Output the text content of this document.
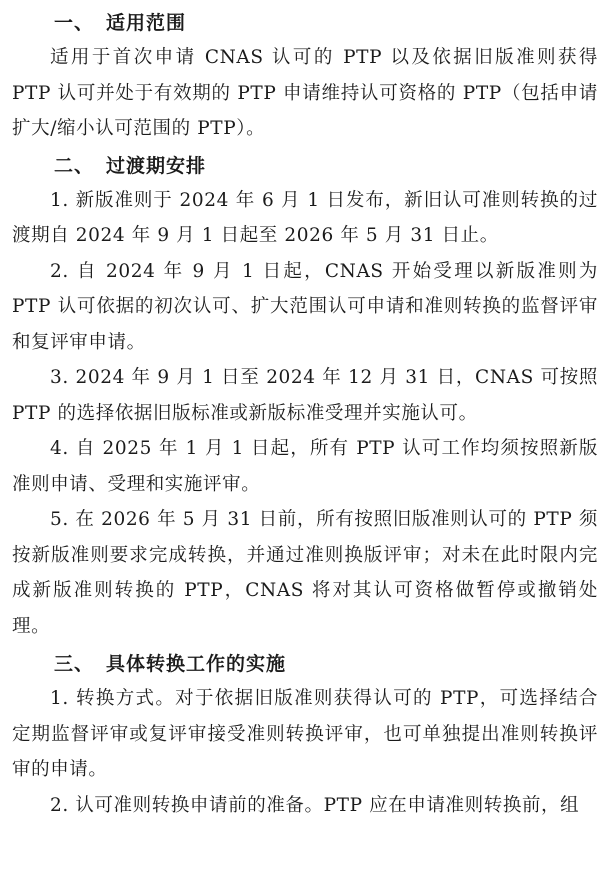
一、 适用范围

适用于首次申请 CNAS 认可的 PTP 以及依据旧版准则获得 PTP 认可并处于有效期的 PTP 申请维持认可资格的 PTP（包括申请扩大/缩小认可范围的 PTP）。

二、 过渡期安排

1. 新版准则于 2024 年 6 月 1 日发布，新旧认可准则转换的过渡期自 2024 年 9 月 1 日起至 2026 年 5 月 31 日止。

2. 自 2024 年 9 月 1 日起，CNAS 开始受理以新版准则为 PTP 认可依据的初次认可、扩大范围认可申请和准则转换的监督评审和复评审申请。

3. 2024 年 9 月 1 日至 2024 年 12 月 31 日，CNAS 可按照 PTP 的选择依据旧版标准或新版标准受理并实施认可。

4. 自 2025 年 1 月 1 日起，所有 PTP 认可工作均须按照新版准则申请、受理和实施评审。

5. 在 2026 年 5 月 31 日前，所有按照旧版准则认可的 PTP 须按新版准则要求完成转换，并通过准则换版评审；对未在此时限内完成新版准则转换的 PTP，CNAS 将对其认可资格做暂停或撤销处理。

三、 具体转换工作的实施

1. 转换方式。对于依据旧版准则获得认可的 PTP，可选择结合定期监督评审或复评审接受准则转换评审，也可单独提出准则转换评审的申请。

2. 认可准则转换申请前的准备。PTP 应在申请准则转换前，组
